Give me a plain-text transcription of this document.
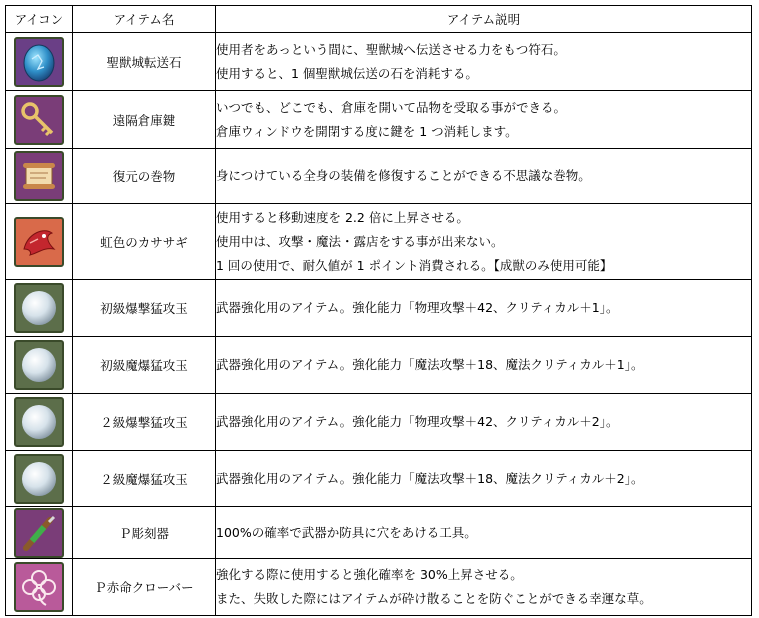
アイコン	アイテム名	アイテム説明

	聖獣城転送石	使用者をあっという間に、聖獣城へ伝送させる力をもつ符石。
使用すると、1 個聖獣城伝送の石を消耗する。

	遠隔倉庫鍵	いつでも、どこでも、倉庫を開いて品物を受取る事ができる。
倉庫ウィンドウを開閉する度に鍵を 1 つ消耗します。

	復元の巻物	身につけている全身の装備を修復することができる不思議な巻物。

	虹色のカササギ	使用すると移動速度を 2.2 倍に上昇させる。
使用中は、攻撃・魔法・露店をする事が出来ない。
1 回の使用で、耐久値が 1 ポイント消費される。【成獣のみ使用可能】

	初級爆撃猛攻玉	武器強化用のアイテム。強化能力「物理攻撃＋42、クリティカル＋1」。

	初級魔爆猛攻玉	武器強化用のアイテム。強化能力「魔法攻撃＋18、魔法クリティカル＋1」。

	２級爆撃猛攻玉	武器強化用のアイテム。強化能力「物理攻撃＋42、クリティカル＋2」。

	２級魔爆猛攻玉	武器強化用のアイテム。強化能力「魔法攻撃＋18、魔法クリティカル＋2」。

	Ｐ彫刻器	100%の確率で武器か防具に穴をあける工具。

	Ｐ赤命クローバー	強化する際に使用すると強化確率を 30%上昇させる。
また、失敗した際にはアイテムが砕け散ることを防ぐことができる幸運な草。
